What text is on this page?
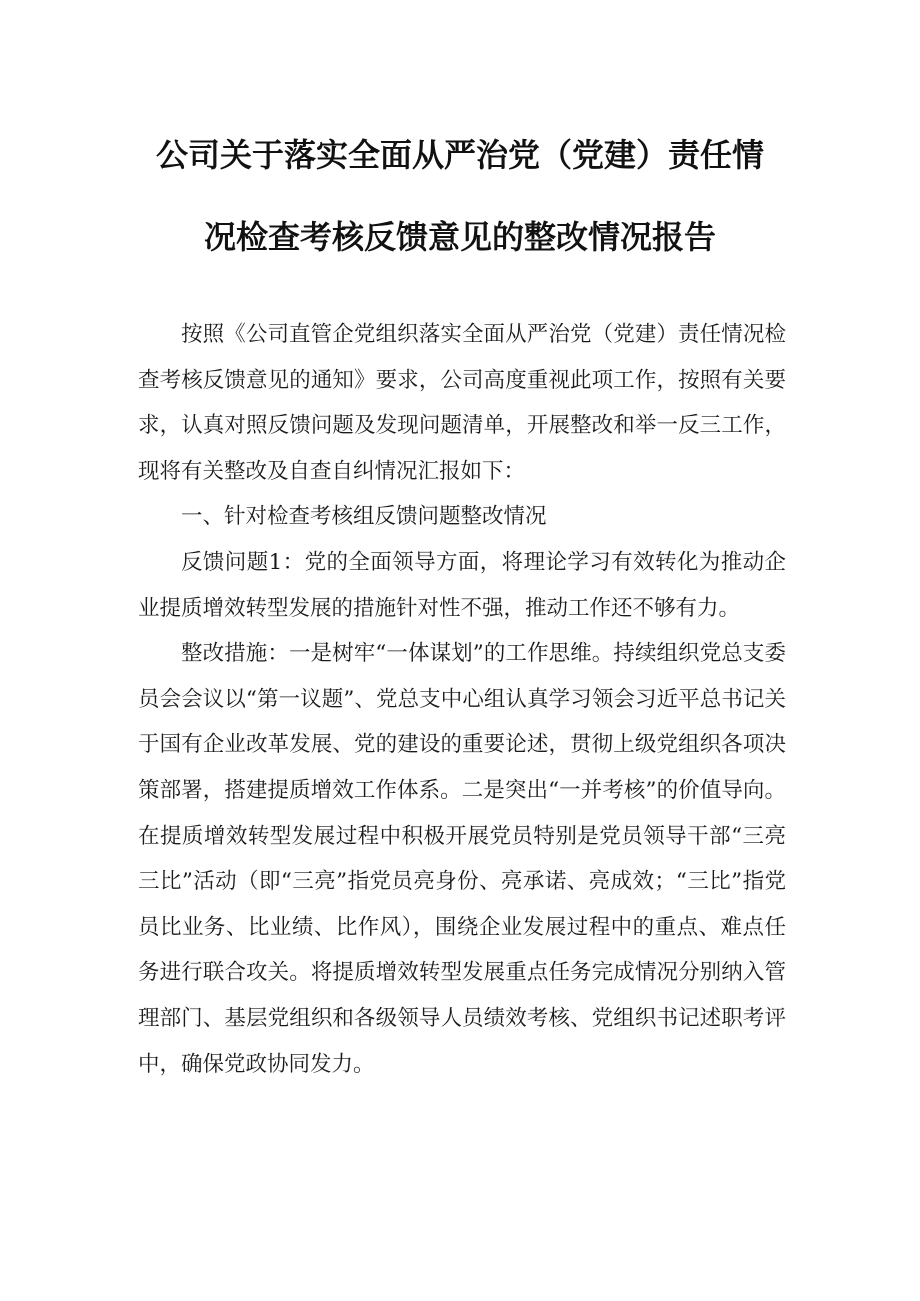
公司关于落实全面从严治党（党建）责任情
况检查考核反馈意见的整改情况报告

按照《公司直管企党组织落实全面从严治党（党建）责任情况检查考核反馈意见的通知》要求，公司高度重视此项工作，按照有关要求，认真对照反馈问题及发现问题清单，开展整改和举一反三工作，现将有关整改及自查自纠情况汇报如下：

一、针对检查考核组反馈问题整改情况

反馈问题1：党的全面领导方面，将理论学习有效转化为推动企业提质增效转型发展的措施针对性不强，推动工作还不够有力。

整改措施：一是树牢“一体谋划”的工作思维。持续组织党总支委员会会议以“第一议题”、党总支中心组认真学习领会习近平总书记关于国有企业改革发展、党的建设的重要论述，贯彻上级党组织各项决策部署，搭建提质增效工作体系。二是突出“一并考核”的价值导向。在提质增效转型发展过程中积极开展党员特别是党员领导干部“三亮三比”活动（即“三亮”指党员亮身份、亮承诺、亮成效；“三比”指党员比业务、比业绩、比作风），围绕企业发展过程中的重点、难点任务进行联合攻关。将提质增效转型发展重点任务完成情况分别纳入管理部门、基层党组织和各级领导人员绩效考核、党组织书记述职考评中，确保党政协同发力。
